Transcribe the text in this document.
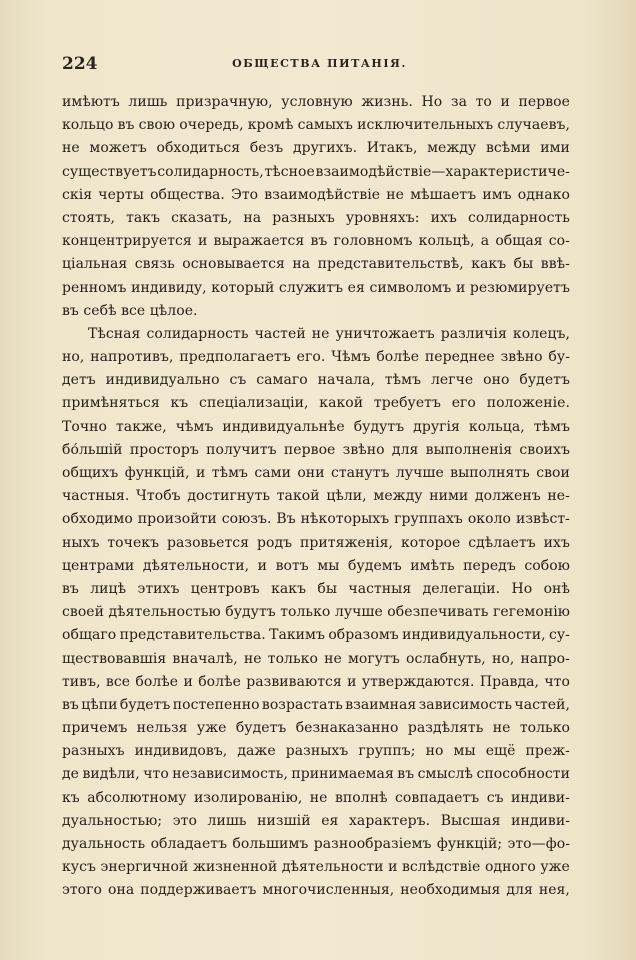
224	ОБЩЕСТВА ПИТАНІЯ.
имѣютъ лишь призрачную, условную жизнь. Но за то и первое
кольцо въ свою очередь, кромѣ самыхъ исключительныхъ случаевъ,
не можетъ обходиться безъ другихъ. Итакъ, между всѣми ими
существуетъ солидарность, тѣсное взаимодѣйствіе—характеристиче-
скія черты общества. Это взаимодѣйствіе не мѣшаетъ имъ однако
стоять, такъ сказать, на разныхъ уровняхъ: ихъ солидарность
концентрируется и выражается въ головномъ кольцѣ, а общая со-
ціальная связь основывается на представительствѣ, какъ бы ввѣ-
ренномъ индивиду, который служитъ ея символомъ и резюмируетъ
въ себѣ все цѣлое.
Тѣсная солидарность частей не уничтожаетъ различія колецъ,
но, напротивъ, предполагаетъ его. Чѣмъ болѣе переднее звѣно бу-
детъ индивидуально съ самаго начала, тѣмъ легче оно будетъ
примѣняться къ спеціализаціи, какой требуетъ его положеніе.
Точно также, чѣмъ индивидуальнѣе будутъ другія кольца, тѣмъ
бо́льшій просторъ получитъ первое звѣно для выполненія своихъ
общихъ функцій, и тѣмъ сами они станутъ лучше выполнять свои
частныя. Чтобъ достигнуть такой цѣли, между ними долженъ не-
обходимо произойти союзъ. Въ нѣкоторыхъ группахъ около извѣст-
ныхъ точекъ разовьется родъ притяженія, которое сдѣлаетъ ихъ
центрами дѣятельности, и вотъ мы будемъ имѣть передъ собою
въ лицѣ этихъ центровъ какъ бы частныя делегаціи. Но онѣ
своей дѣятельностью будутъ только лучше обезпечивать гегемонію
общаго представительства. Такимъ образомъ индивидуальности, су-
ществовавшія вначалѣ, не только не могутъ ослабнуть, но, напро-
тивъ, все болѣе и болѣе развиваются и утверждаются. Правда, что
въ цѣпи будетъ постепенно возрастать взаимная зависимость частей,
причемъ нельзя уже будетъ безнаказанно раздѣлять не только
разныхъ индивидовъ, даже разныхъ группъ; но мы ещё преж-
де видѣли, что независимость, принимаемая въ смыслѣ способности
къ абсолютному изолированію, не вполнѣ совпадаетъ съ индиви-
дуальностью; это лишь низшій ея характеръ. Высшая индиви-
дуальность обладаетъ большимъ разнообразіемъ функцій; это—фо-
кусъ энергичной жизненной дѣятельности и вслѣдствіе одного уже
этого она поддерживаетъ многочисленныя, необходимыя для нея,
